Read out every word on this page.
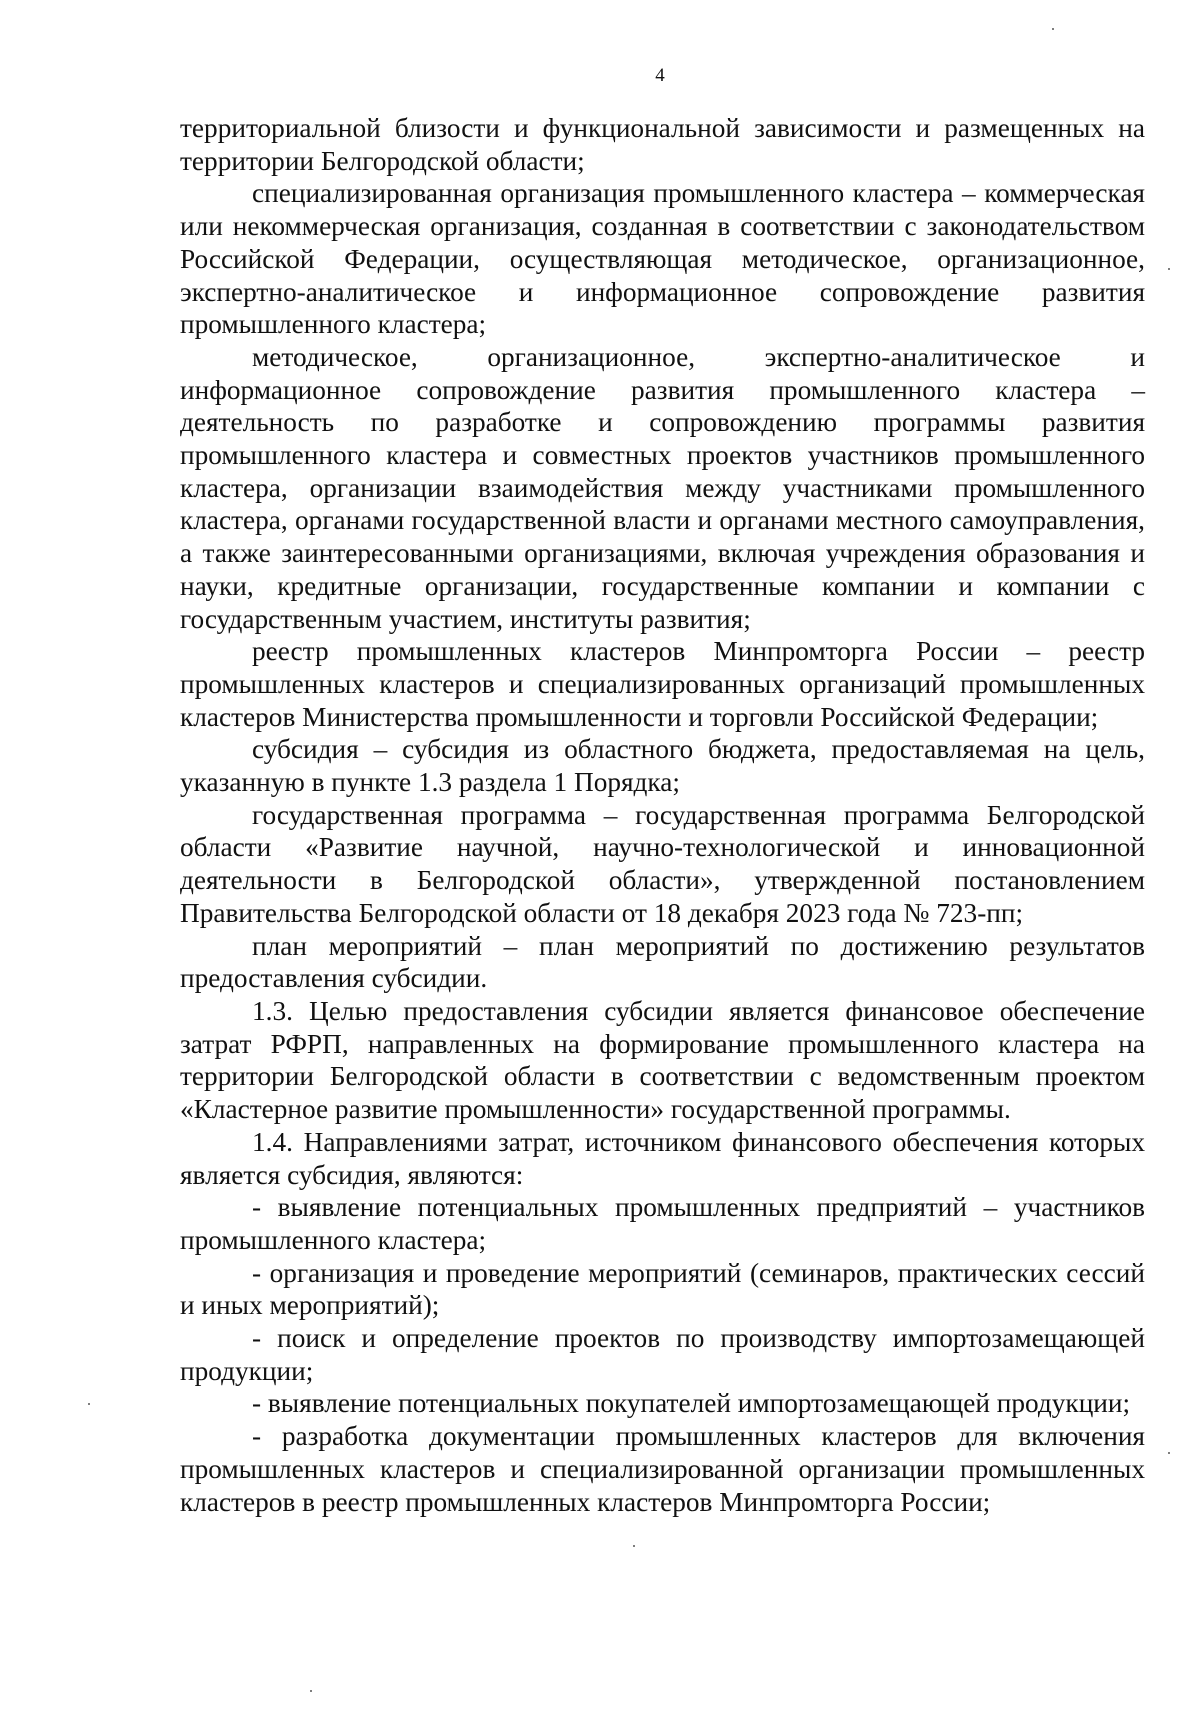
4

территориальной близости и функциональной зависимости и размещенных на территории Белгородской области;

специализированная организация промышленного кластера – коммерческая или некоммерческая организация, созданная в соответствии с законодательством Российской Федерации, осуществляющая методическое, организационное, экспертно-аналитическое и информационное сопровождение развития промышленного кластера;

методическое, организационное, экспертно-аналитическое и информационное сопровождение развития промышленного кластера – деятельность по разработке и сопровождению программы развития промышленного кластера и совместных проектов участников промышленного кластера, организации взаимодействия между участниками промышленного кластера, органами государственной власти и органами местного самоуправления, а также заинтересованными организациями, включая учреждения образования и науки, кредитные организации, государственные компании и компании с государственным участием, институты развития;

реестр промышленных кластеров Минпромторга России – реестр промышленных кластеров и специализированных организаций промышленных кластеров Министерства промышленности и торговли Российской Федерации;

субсидия – субсидия из областного бюджета, предоставляемая на цель, указанную в пункте 1.3 раздела 1 Порядка;

государственная программа – государственная программа Белгородской области «Развитие научной, научно-технологической и инновационной деятельности в Белгородской области», утвержденной постановлением Правительства Белгородской области от 18 декабря 2023 года № 723-пп;

план мероприятий – план мероприятий по достижению результатов предоставления субсидии.

1.3. Целью предоставления субсидии является финансовое обеспечение затрат РФРП, направленных на формирование промышленного кластера на территории Белгородской области в соответствии с ведомственным проектом «Кластерное развитие промышленности» государственной программы.

1.4. Направлениями затрат, источником финансового обеспечения которых является субсидия, являются:

- выявление потенциальных промышленных предприятий – участников промышленного кластера;

- организация и проведение мероприятий (семинаров, практических сессий и иных мероприятий);

- поиск и определение проектов по производству импортозамещающей продукции;

- выявление потенциальных покупателей импортозамещающей продукции;

- разработка документации промышленных кластеров для включения промышленных кластеров и специализированной организации промышленных кластеров в реестр промышленных кластеров Минпромторга России;
